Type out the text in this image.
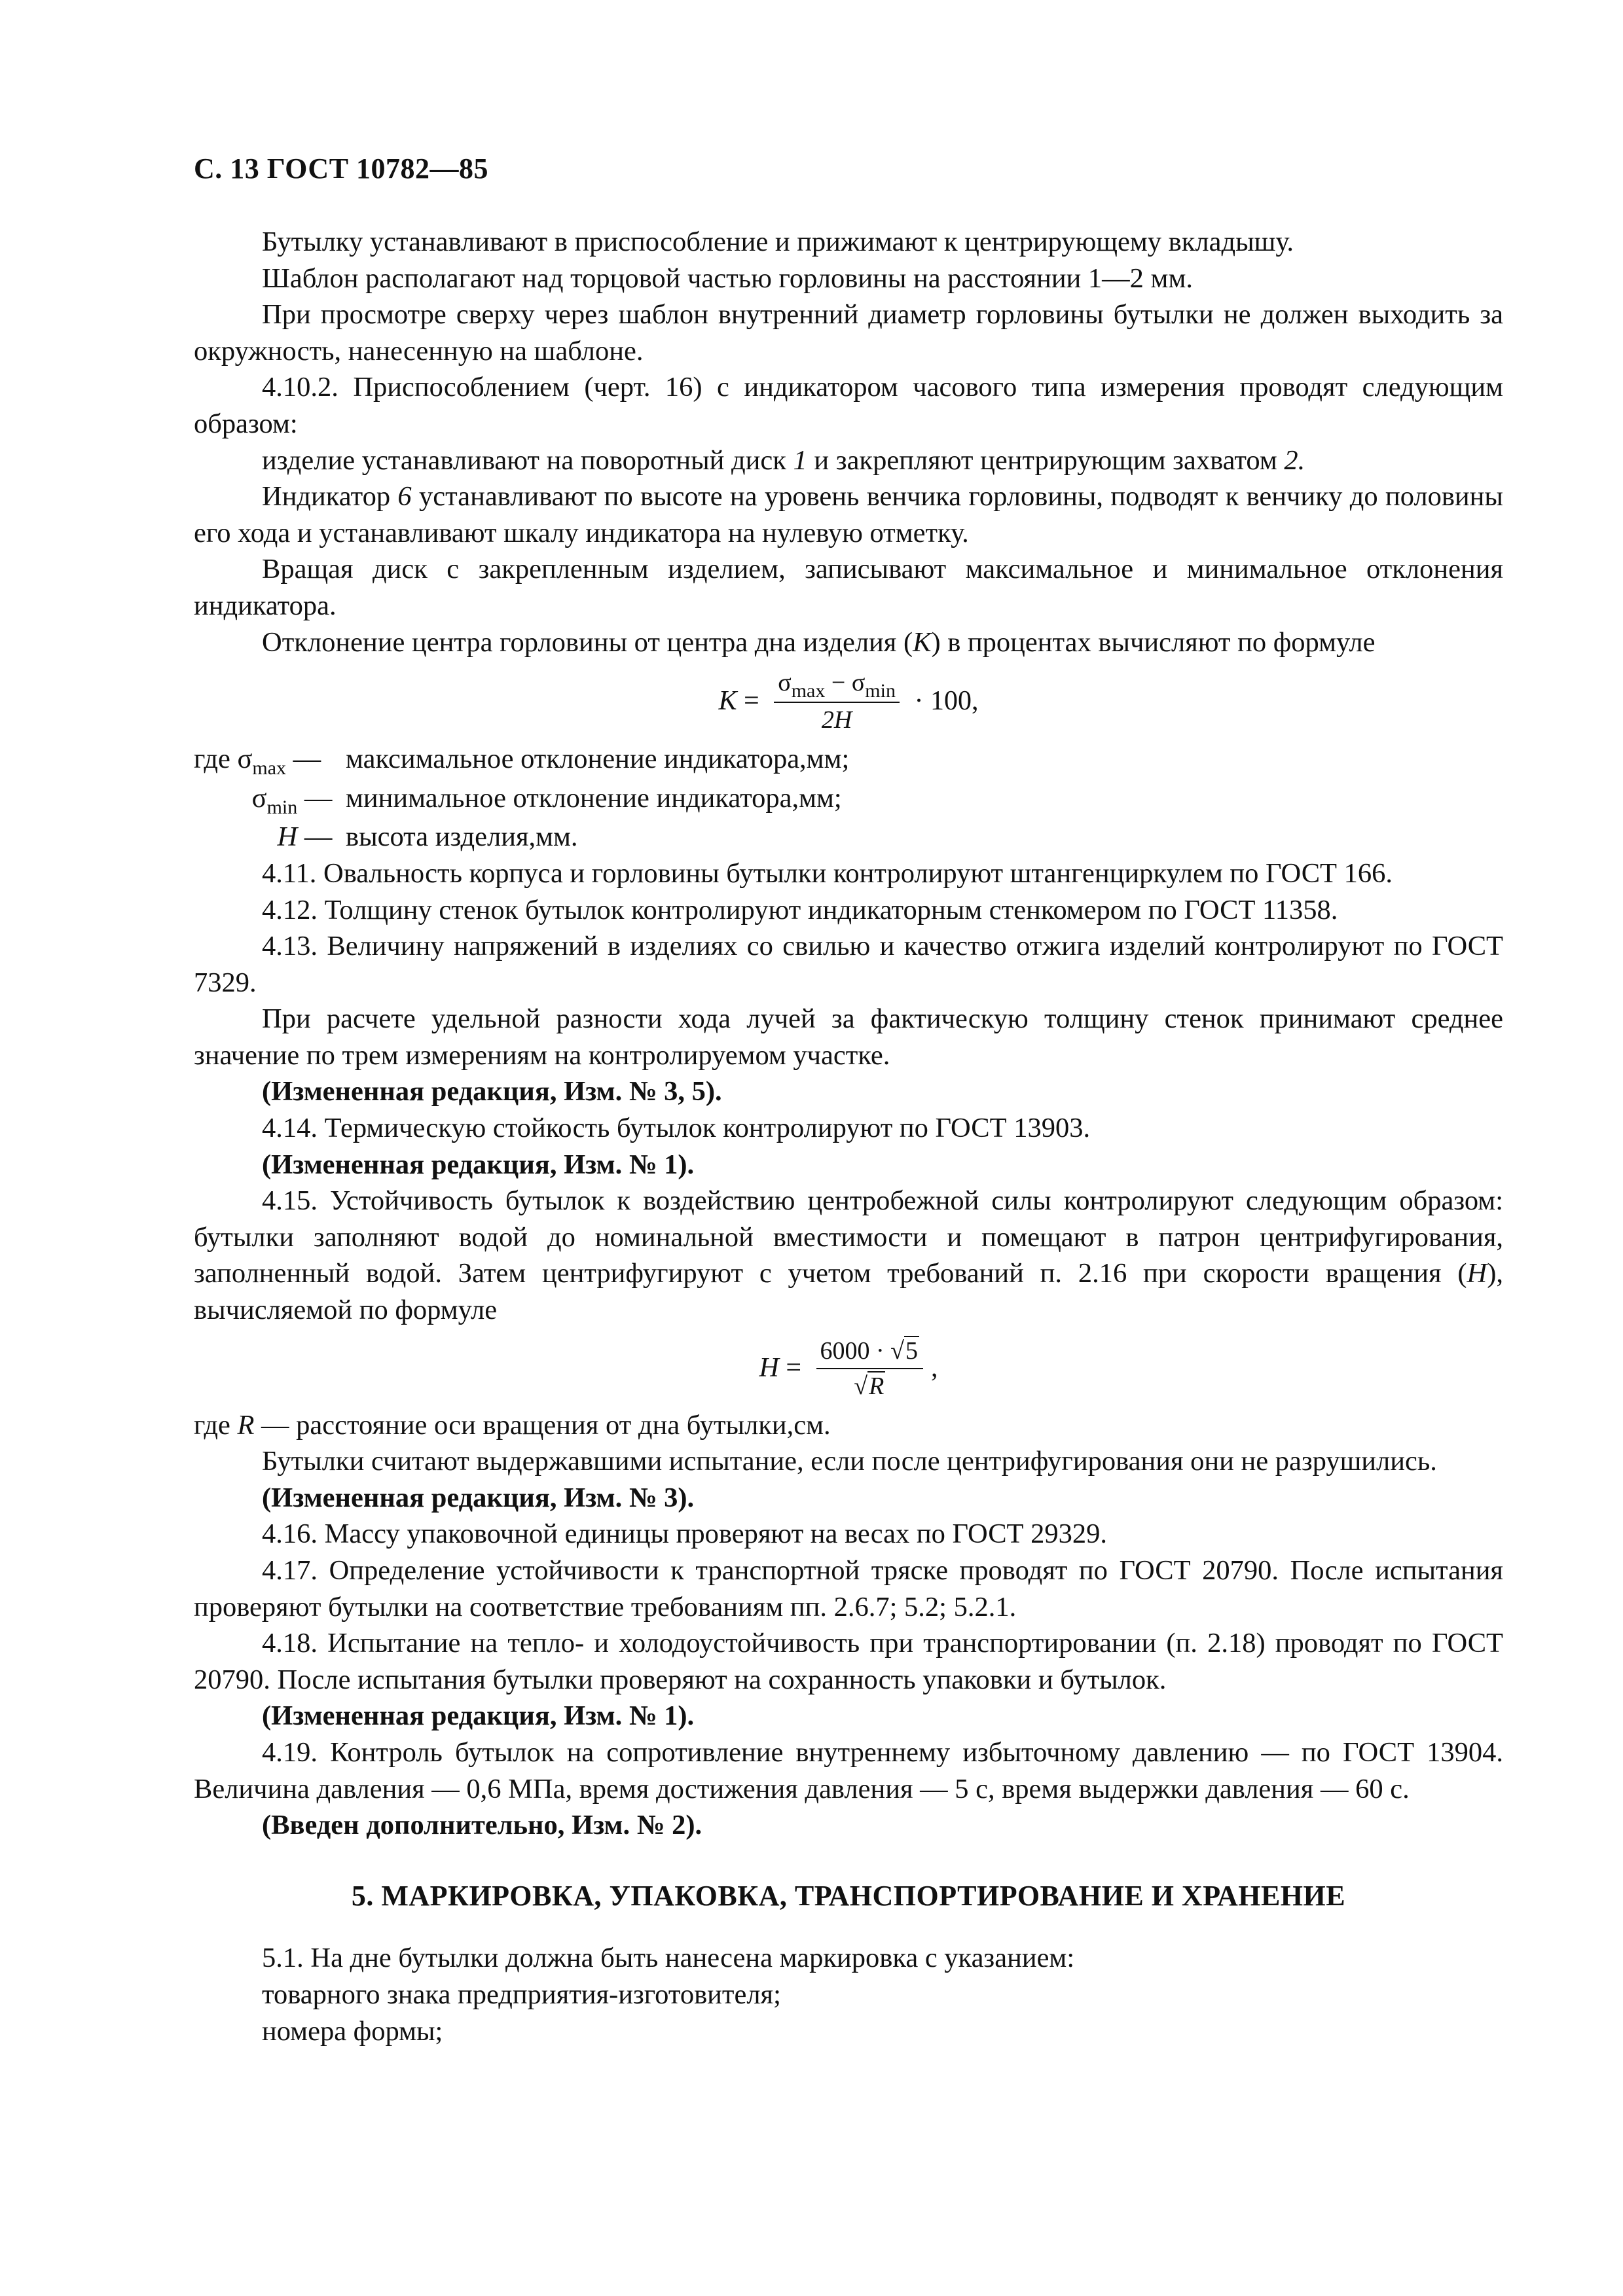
С. 13 ГОСТ 10782—85

Бутылку устанавливают в приспособление и прижимают к центрирующему вкладышу.

Шаблон располагают над торцовой частью горловины на расстоянии 1—2 мм.

При просмотре сверху через шаблон внутренний диаметр горловины бутылки не должен выходить за окружность, нанесенную на шаблоне.

4.10.2. Приспособлением (черт. 16) с индикатором часового типа измерения проводят следующим образом:

изделие устанавливают на поворотный диск 1 и закрепляют центрирующим захватом 2.

Индикатор 6 устанавливают по высоте на уровень венчика горловины, подводят к венчику до половины его хода и устанавливают шкалу индикатора на нулевую отметку.

Вращая диск с закрепленным изделием, записывают максимальное и минимальное отклонения индикатора.

Отклонение центра горловины от центра дна изделия (K) в процентах вычисляют по формуле

$K = \frac{\sigma_{max} - \sigma_{min}}{2H} \cdot 100$,
где $\sigma_{max}$ — максимальное отклонение индикатора,мм;
$\sigma_{min}$ — минимальное отклонение индикатора,мм;
H — высота изделия,мм.

4.11. Овальность корпуса и горловины бутылки контролируют штангенциркулем по ГОСТ 166.

4.12. Толщину стенок бутылок контролируют индикаторным стенкомером по ГОСТ 11358.

4.13. Величину напряжений в изделиях со свилью и качество отжига изделий контролируют по ГОСТ 7329.

При расчете удельной разности хода лучей за фактическую толщину стенок принимают среднее значение по трем измерениям на контролируемом участке.

(Измененная редакция, Изм. № 3, 5).

4.14. Термическую стойкость бутылок контролируют по ГОСТ 13903.

(Измененная редакция, Изм. № 1).

4.15. Устойчивость бутылок к воздействию центробежной силы контролируют следующим образом: бутылки заполняют водой до номинальной вместимости и помещают в патрон центрифугирования, заполненный водой. Затем центрифугируют с учетом требований п. 2.16 при скорости вращения (H), вычисляемой по формуле

$H = \frac{6000 \cdot √5}{√R}$ ,

где R — расстояние оси вращения от дна бутылки,см.

Бутылки считают выдержавшими испытание, если после центрифугирования они не разрушились.

(Измененная редакция, Изм. № 3).

4.16. Массу упаковочной единицы проверяют на весах по ГОСТ 29329.

4.17. Определение устойчивости к транспортной тряске проводят по ГОСТ 20790. После испытания проверяют бутылки на соответствие требованиям пп. 2.6.7; 5.2; 5.2.1.

4.18. Испытание на тепло- и холодоустойчивость при транспортировании (п. 2.18) проводят по ГОСТ 20790. После испытания бутылки проверяют на сохранность упаковки и бутылок.

(Измененная редакция, Изм. № 1).

4.19. Контроль бутылок на сопротивление внутреннему избыточному давлению — по ГОСТ 13904. Величина давления — 0,6 МПа, время достижения давления — 5 с, время выдержки давления — 60 с.

(Введен дополнительно, Изм. № 2).

5. МАРКИРОВКА, УПАКОВКА, ТРАНСПОРТИРОВАНИЕ И ХРАНЕНИЕ

5.1. На дне бутылки должна быть нанесена маркировка с указанием:

товарного знака предприятия-изготовителя;

номера формы;
